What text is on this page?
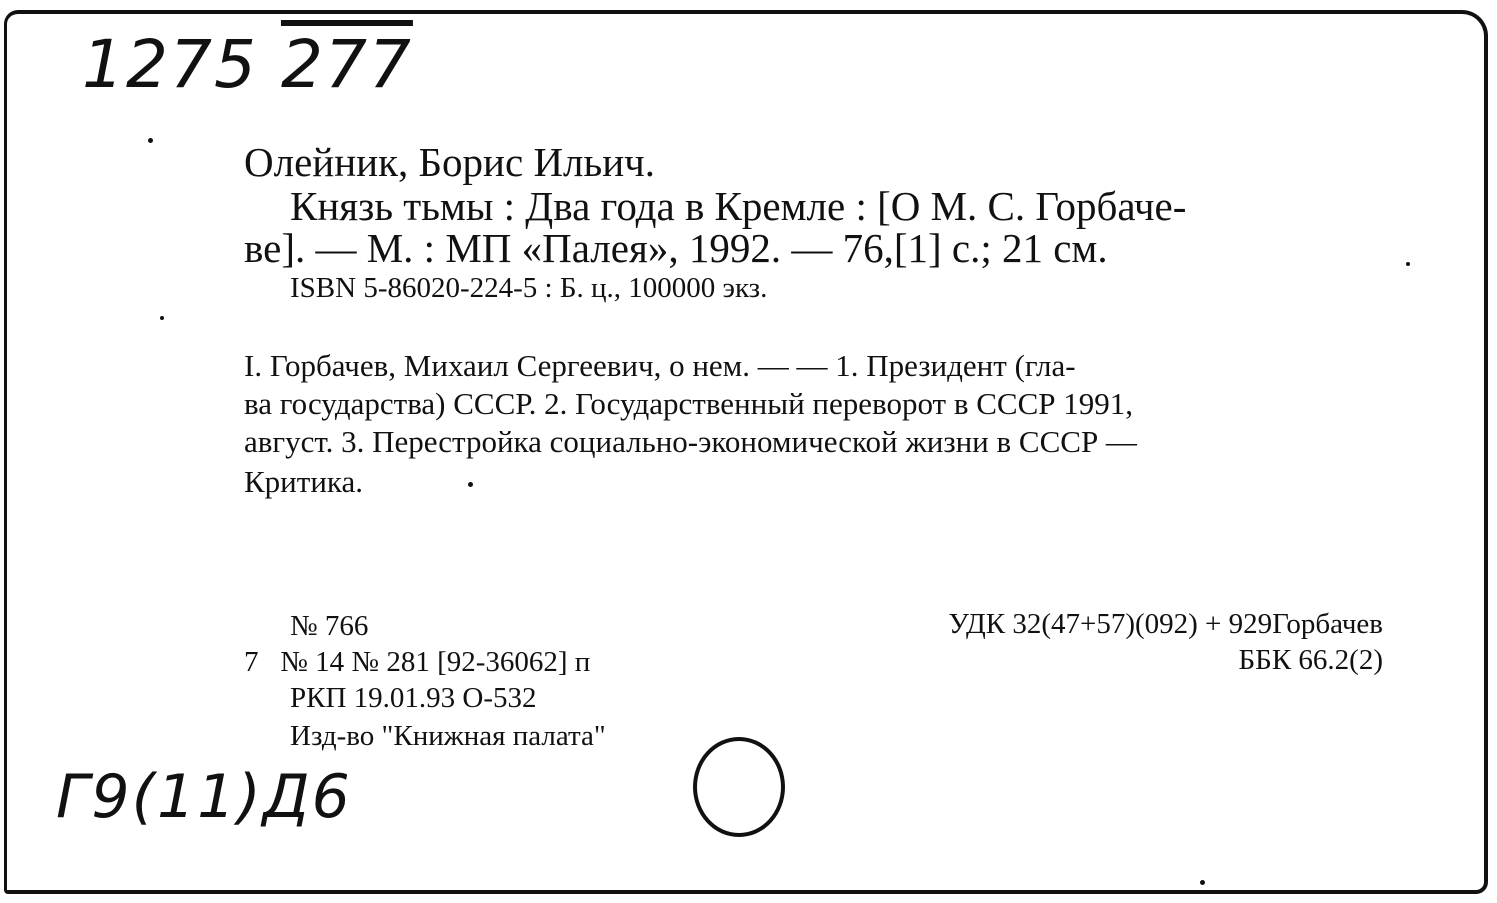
1275 277
Олейник, Борис Ильич.
Князь тьмы : Два года в Кремле : [О М. С. Горбаче-
ве]. — М. : МП «Палея», 1992. — 76,[1] с.; 21 см.
ISBN 5-86020-224-5 : Б. ц., 100000 экз.
I. Горбачев, Михаил Сергеевич, о нем. — — 1. Президент (гла-
ва государства) СССР. 2. Государственный переворот в СССР 1991,
август. 3. Перестройка социально-экономической жизни в СССР —
Критика.
№ 766
7 № 14 № 281 [92-36062] п
РКП 19.01.93 О-532
Изд-во "Книжная палата"
УДК 32(47+57)(092) + 929Горбачев
ББК 66.2(2)
Г9(11)Д6
